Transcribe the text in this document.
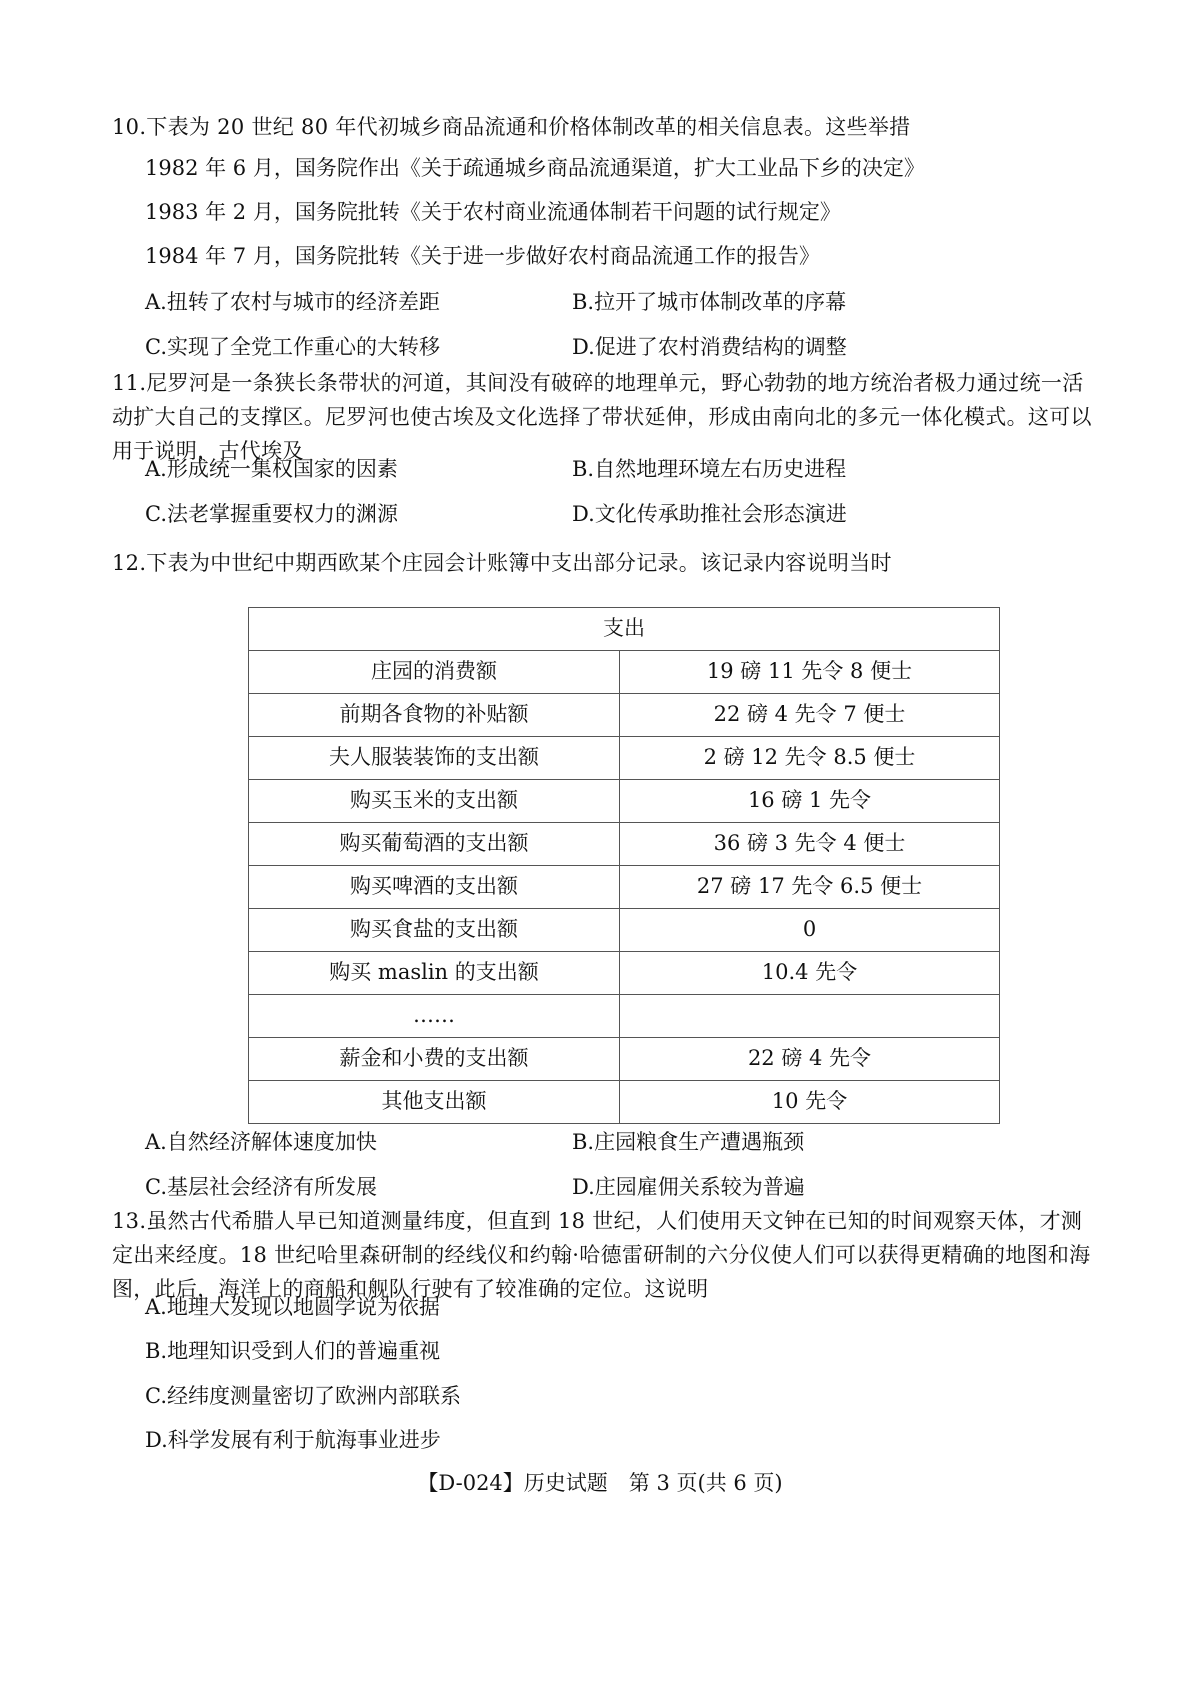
10.下表为 20 世纪 80 年代初城乡商品流通和价格体制改革的相关信息表。这些举措

1982 年 6 月，国务院作出《关于疏通城乡商品流通渠道，扩大工业品下乡的决定》
1983 年 2 月，国务院批转《关于农村商业流通体制若干问题的试行规定》
1984 年 7 月，国务院批转《关于进一步做好农村商品流通工作的报告》
A.扭转了农村与城市的经济差距	B.拉开了城市体制改革的序幕
C.实现了全党工作重心的大转移	D.促进了农村消费结构的调整

11.尼罗河是一条狭长条带状的河道，其间没有破碎的地理单元，野心勃勃的地方统治者极力通过统一活动扩大自己的支撑区。尼罗河也使古埃及文化选择了带状延伸，形成由南向北的多元一体化模式。这可以用于说明，古代埃及

A.形成统一集权国家的因素	B.自然地理环境左右历史进程
C.法老掌握重要权力的渊源	D.文化传承助推社会形态演进

12.下表为中世纪中期西欧某个庄园会计账簿中支出部分记录。该记录内容说明当时

支出	
庄园的消费额	19 磅 11 先令 8 便士
前期各食物的补贴额	22 磅 4 先令 7 便士
夫人服装装饰的支出额	2 磅 12 先令 8.5 便士
购买玉米的支出额	16 磅 1 先令
购买葡萄酒的支出额	36 磅 3 先令 4 便士
购买啤酒的支出额	27 磅 17 先令 6.5 便士
购买食盐的支出额	0
购买 maslin 的支出额	10.4 先令
……	
薪金和小费的支出额	22 磅 4 先令
其他支出额	10 先令
A.自然经济解体速度加快	B.庄园粮食生产遭遇瓶颈
C.基层社会经济有所发展	D.庄园雇佣关系较为普遍

13.虽然古代希腊人早已知道测量纬度，但直到 18 世纪，人们使用天文钟在已知的时间观察天体，才测定出来经度。18 世纪哈里森研制的经线仪和约翰·哈德雷研制的六分仪使人们可以获得更精确的地图和海图，此后，海洋上的商船和舰队行驶有了较准确的定位。这说明

A.地理大发现以地圆学说为依据
B.地理知识受到人们的普遍重视
C.经纬度测量密切了欧洲内部联系
D.科学发展有利于航海事业进步
【D-024】历史试题　第 3 页(共 6 页)
